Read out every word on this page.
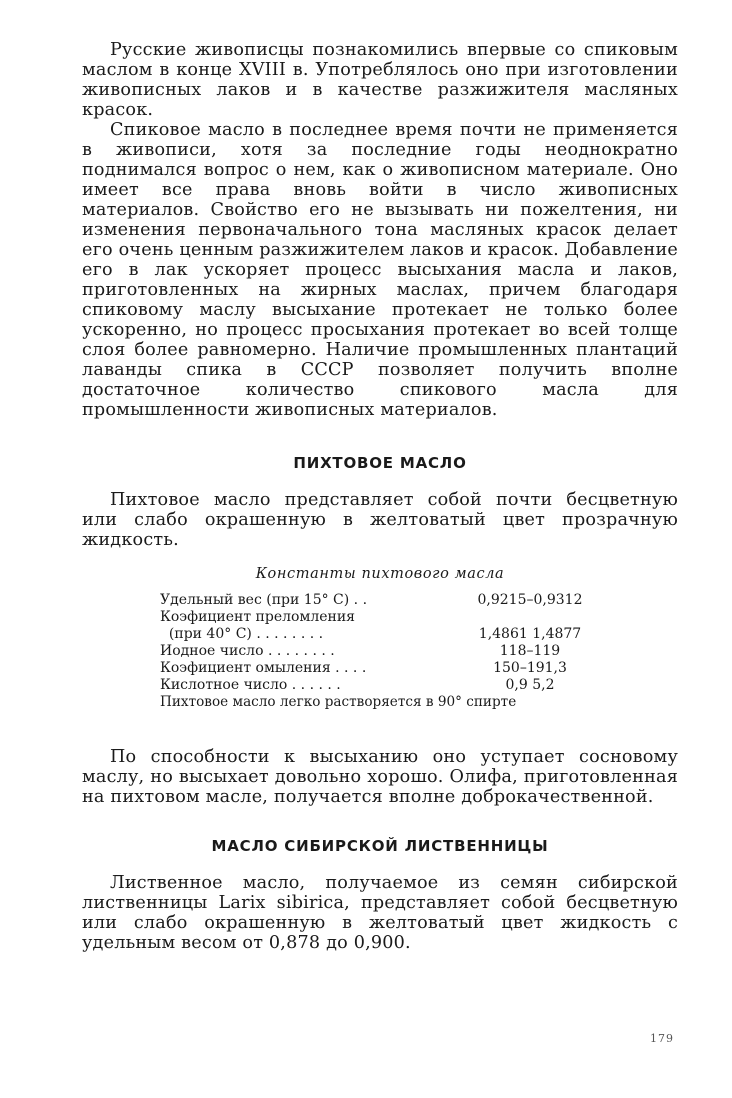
Русские живописцы познакомились впервые со спиковым маслом в конце XVIII в. Употреблялось оно при изготовлении живописных лаков и в качестве разжижителя масляных красок.

Спиковое масло в последнее время почти не применяется в живописи, хотя за последние годы неоднократно поднимался вопрос о нем, как о живописном материале. Оно имеет все права вновь войти в число живописных материалов. Свойство его не вызывать ни пожелтения, ни изменения первоначального тона масляных красок делает его очень ценным разжижителем лаков и красок. Добавление его в лак ускоряет процесс высыхания масла и лаков, приготовленных на жирных маслах, причем благодаря спиковому маслу высыхание протекает не только более ускоренно, но процесс просыхания протекает во всей толще слоя более равномерно. Наличие промышленных плантаций лаванды спика в СССР позволяет получить вполне достаточное количество спикового масла для промышленности живописных материалов.

ПИХТОВОЕ МАСЛО

Пихтовое масло представляет собой почти бесцветную или слабо окрашенную в желтоватый цвет прозрачную жидкость.

Константы пихтового масла
Удельный вес (при 15° С) . .	0,9215–0,9312
Коэфициент преломления
(при 40° С) . . . . . . . .	1,4861 1,4877
Иодное число . . . . . . . .	118–119
Коэфициент омыления . . . .	150–191,3
Кислотное число . . . . . .	0,9 5,2
Пихтовое масло легко растворяется в 90° спирте

По способности к высыханию оно уступает сосновому маслу, но высыхает довольно хорошо. Олифа, приготовленная на пихтовом масле, получается вполне доброкачественной.

МАСЛО СИБИРСКОЙ ЛИСТВЕННИЦЫ

Лиственное масло, получаемое из семян сибирской лиственницы Larix sibirica, представляет собой бесцветную или слабо окрашенную в желтоватый цвет жидкость с удельным весом от 0,878 до 0,900.

179
